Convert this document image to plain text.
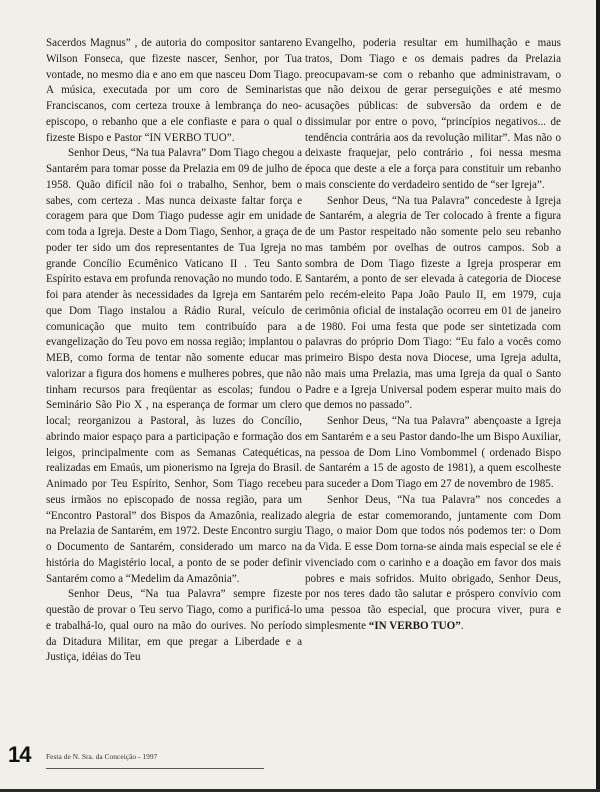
Sacerdos Magnus” , de autoria do compositor santareno Wilson Fonseca, que fizeste nascer, Senhor, por Tua vontade, no mesmo dia e ano em que nasceu Dom Tiago. A música, executada por um coro de Seminaristas Franciscanos, com certeza trouxe à lembrança do neo-episcopo, o rebanho que a ele confiaste e para o qual o fizeste Bispo e Pastor “IN VERBO TUO”.

Senhor Deus, “Na tua Palavra” Dom Tiago chegou a Santarém para tomar posse da Prelazia em 09 de julho de 1958. Quão difícil não foi o trabalho, Senhor, bem o sabes, com certeza . Mas nunca deixaste faltar força e coragem para que Dom Tiago pudesse agir em unidade com toda a Igreja. Deste a Dom Tiago, Senhor, a graça de poder ter sido um dos representantes de Tua Igreja no grande Concílio Ecumênico Vaticano II . Teu Santo Espírito estava em profunda renovação no mundo todo. E foi para atender às necessidades da Igreja em Santarém que Dom Tiago instalou a Rádio Rural, veículo de comunicação que muito tem contribuído para a evangelização do Teu povo em nossa região; implantou o MEB, como forma de tentar não somente educar mas valorizar a figura dos homens e mulheres pobres, que não tinham recursos para freqüentar as escolas; fundou o Seminário São Pio X , na esperança de formar um clero local; reorganizou a Pastoral, às luzes do Concílio, abrindo maior espaço para a participação e formação dos leigos, principalmente com as Semanas Catequéticas, realizadas em Emaús, um pionerismo na Igreja do Brasil. Animado por Teu Espírito, Senhor, Som Tiago recebeu seus irmãos no episcopado de nossa região, para um “Encontro Pastoral” dos Bispos da Amazônia, realizado na Prelazia de Santarém, em 1972. Deste Encontro surgiu o Documento de Santarém, considerado um marco na história do Magistério local, a ponto de se poder definir Santarém como a “Medelim da Amazônia”.

Senhor Deus, “Na tua Palavra” sempre fizeste questão de provar o Teu servo Tiago, como a purificá-lo e trabalhá-lo, qual ouro na mão do ourives. No período da Ditadura Militar, em que pregar a Liberdade e a Justiça, idéias do Teu

Evangelho, poderia resultar em humilhação e maus tratos, Dom Tiago e os demais padres da Prelazia preocupavam-se com o rebanho que administravam, o que não deixou de gerar perseguições e até mesmo acusações públicas: de subversão da ordem e de dissimular por entre o povo, “princípios negativos... de tendência contrária aos da revolução militar”. Mas não o deixaste fraquejar, pelo contrário , foi nessa mesma época que deste a ele a força para constituir um rebanho mais consciente do verdadeiro sentido de “ser Igreja”.

Senhor Deus, “Na tua Palavra” concedeste à Igreja de Santarém, a alegria de Ter colocado à frente a figura de um Pastor respeitado não somente pelo seu rebanho mas também por ovelhas de outros campos. Sob a sombra de Dom Tiago fizeste a Igreja prosperar em Santarém, a ponto de ser elevada à categoria de Diocese pelo recém-eleito Papa João Paulo II, em 1979, cuja cerimônia oficial de instalação ocorreu em 01 de janeiro de 1980. Foi uma festa que pode ser sintetizada com palavras do próprio Dom Tiago: “Eu falo a vocês como primeiro Bispo desta nova Diocese, uma Igreja adulta, não mais uma Prelazia, mas uma Igreja da qual o Santo Padre e a Igreja Universal podem esperar muito mais do que demos no passado”.

Senhor Deus, “Na tua Palavra” abençoaste a Igreja em Santarém e a seu Pastor dando-lhe um Bispo Auxiliar, na pessoa de Dom Lino Vombommel ( ordenado Bispo de Santarém a 15 de agosto de 1981), a quem escolheste para suceder a Dom Tiago em 27 de novembro de 1985.

Senhor Deus, “Na tua Palavra” nos concedes a alegria de estar comemorando, juntamente com Dom Tiago, o maior Dom que todos nós podemos ter: o Dom da Vida. E esse Dom torna-se ainda mais especial se ele é vivenciado com o carinho e a doação em favor dos mais pobres e mais sofridos. Muito obrigado, Senhor Deus, por nos teres dado tão salutar e próspero convívio com uma pessoa tão especial, que procura viver, pura e simplesmente “IN VERBO TUO”.

14 Festa de N. Sra. da Conceição - 1997
